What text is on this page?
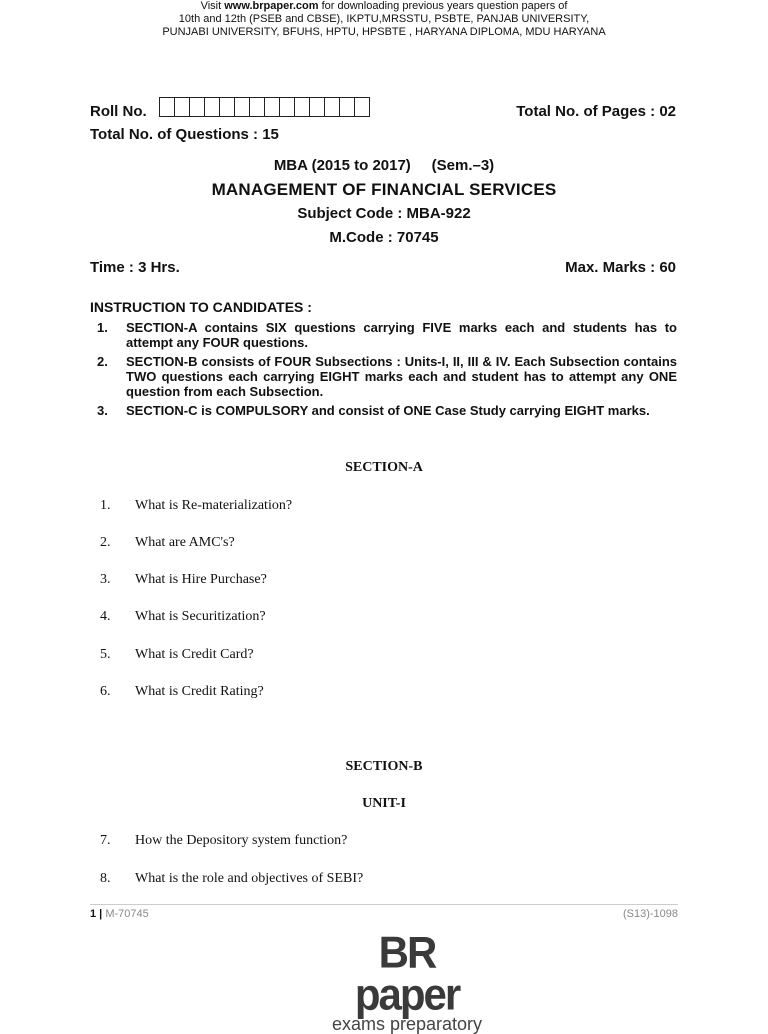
Visit www.brpaper.com for downloading previous years question papers of
10th and 12th (PSEB and CBSE), IKPTU,MRSSTU, PSBTE, PANJAB UNIVERSITY,
PUNJABI UNIVERSITY, BFUHS, HPTU, HPSBTE , HARYANA DIPLOMA, MDU HARYANA
Roll No.	Total No. of Pages : 02
Total No. of Questions : 15
MBA (2015 to 2017)     (Sem.–3)
MANAGEMENT OF FINANCIAL SERVICES
Subject Code : MBA-922
M.Code : 70745
Time : 3 Hrs.	Max. Marks : 60
INSTRUCTION TO CANDIDATES :
1.	SECTION-A contains SIX questions carrying FIVE marks each and students has to attempt any FOUR questions.
2.	SECTION-B consists of FOUR Subsections : Units-I, II, III & IV. Each Subsection contains TWO questions each carrying EIGHT marks each and student has to attempt any ONE question from each Subsection.
3.	SECTION-C is COMPULSORY and consist of ONE Case Study carrying EIGHT marks.
SECTION-A
1. What is Re-materialization?
2. What are AMC's?
3. What is Hire Purchase?
4. What is Securitization?
5. What is Credit Card?
6. What is Credit Rating?
SECTION-B
UNIT-I
7. How the Depository system function?
8. What is the role and objectives of SEBI?
1 | M-70745	(S13)-1098
BR paper
exams preparatory
